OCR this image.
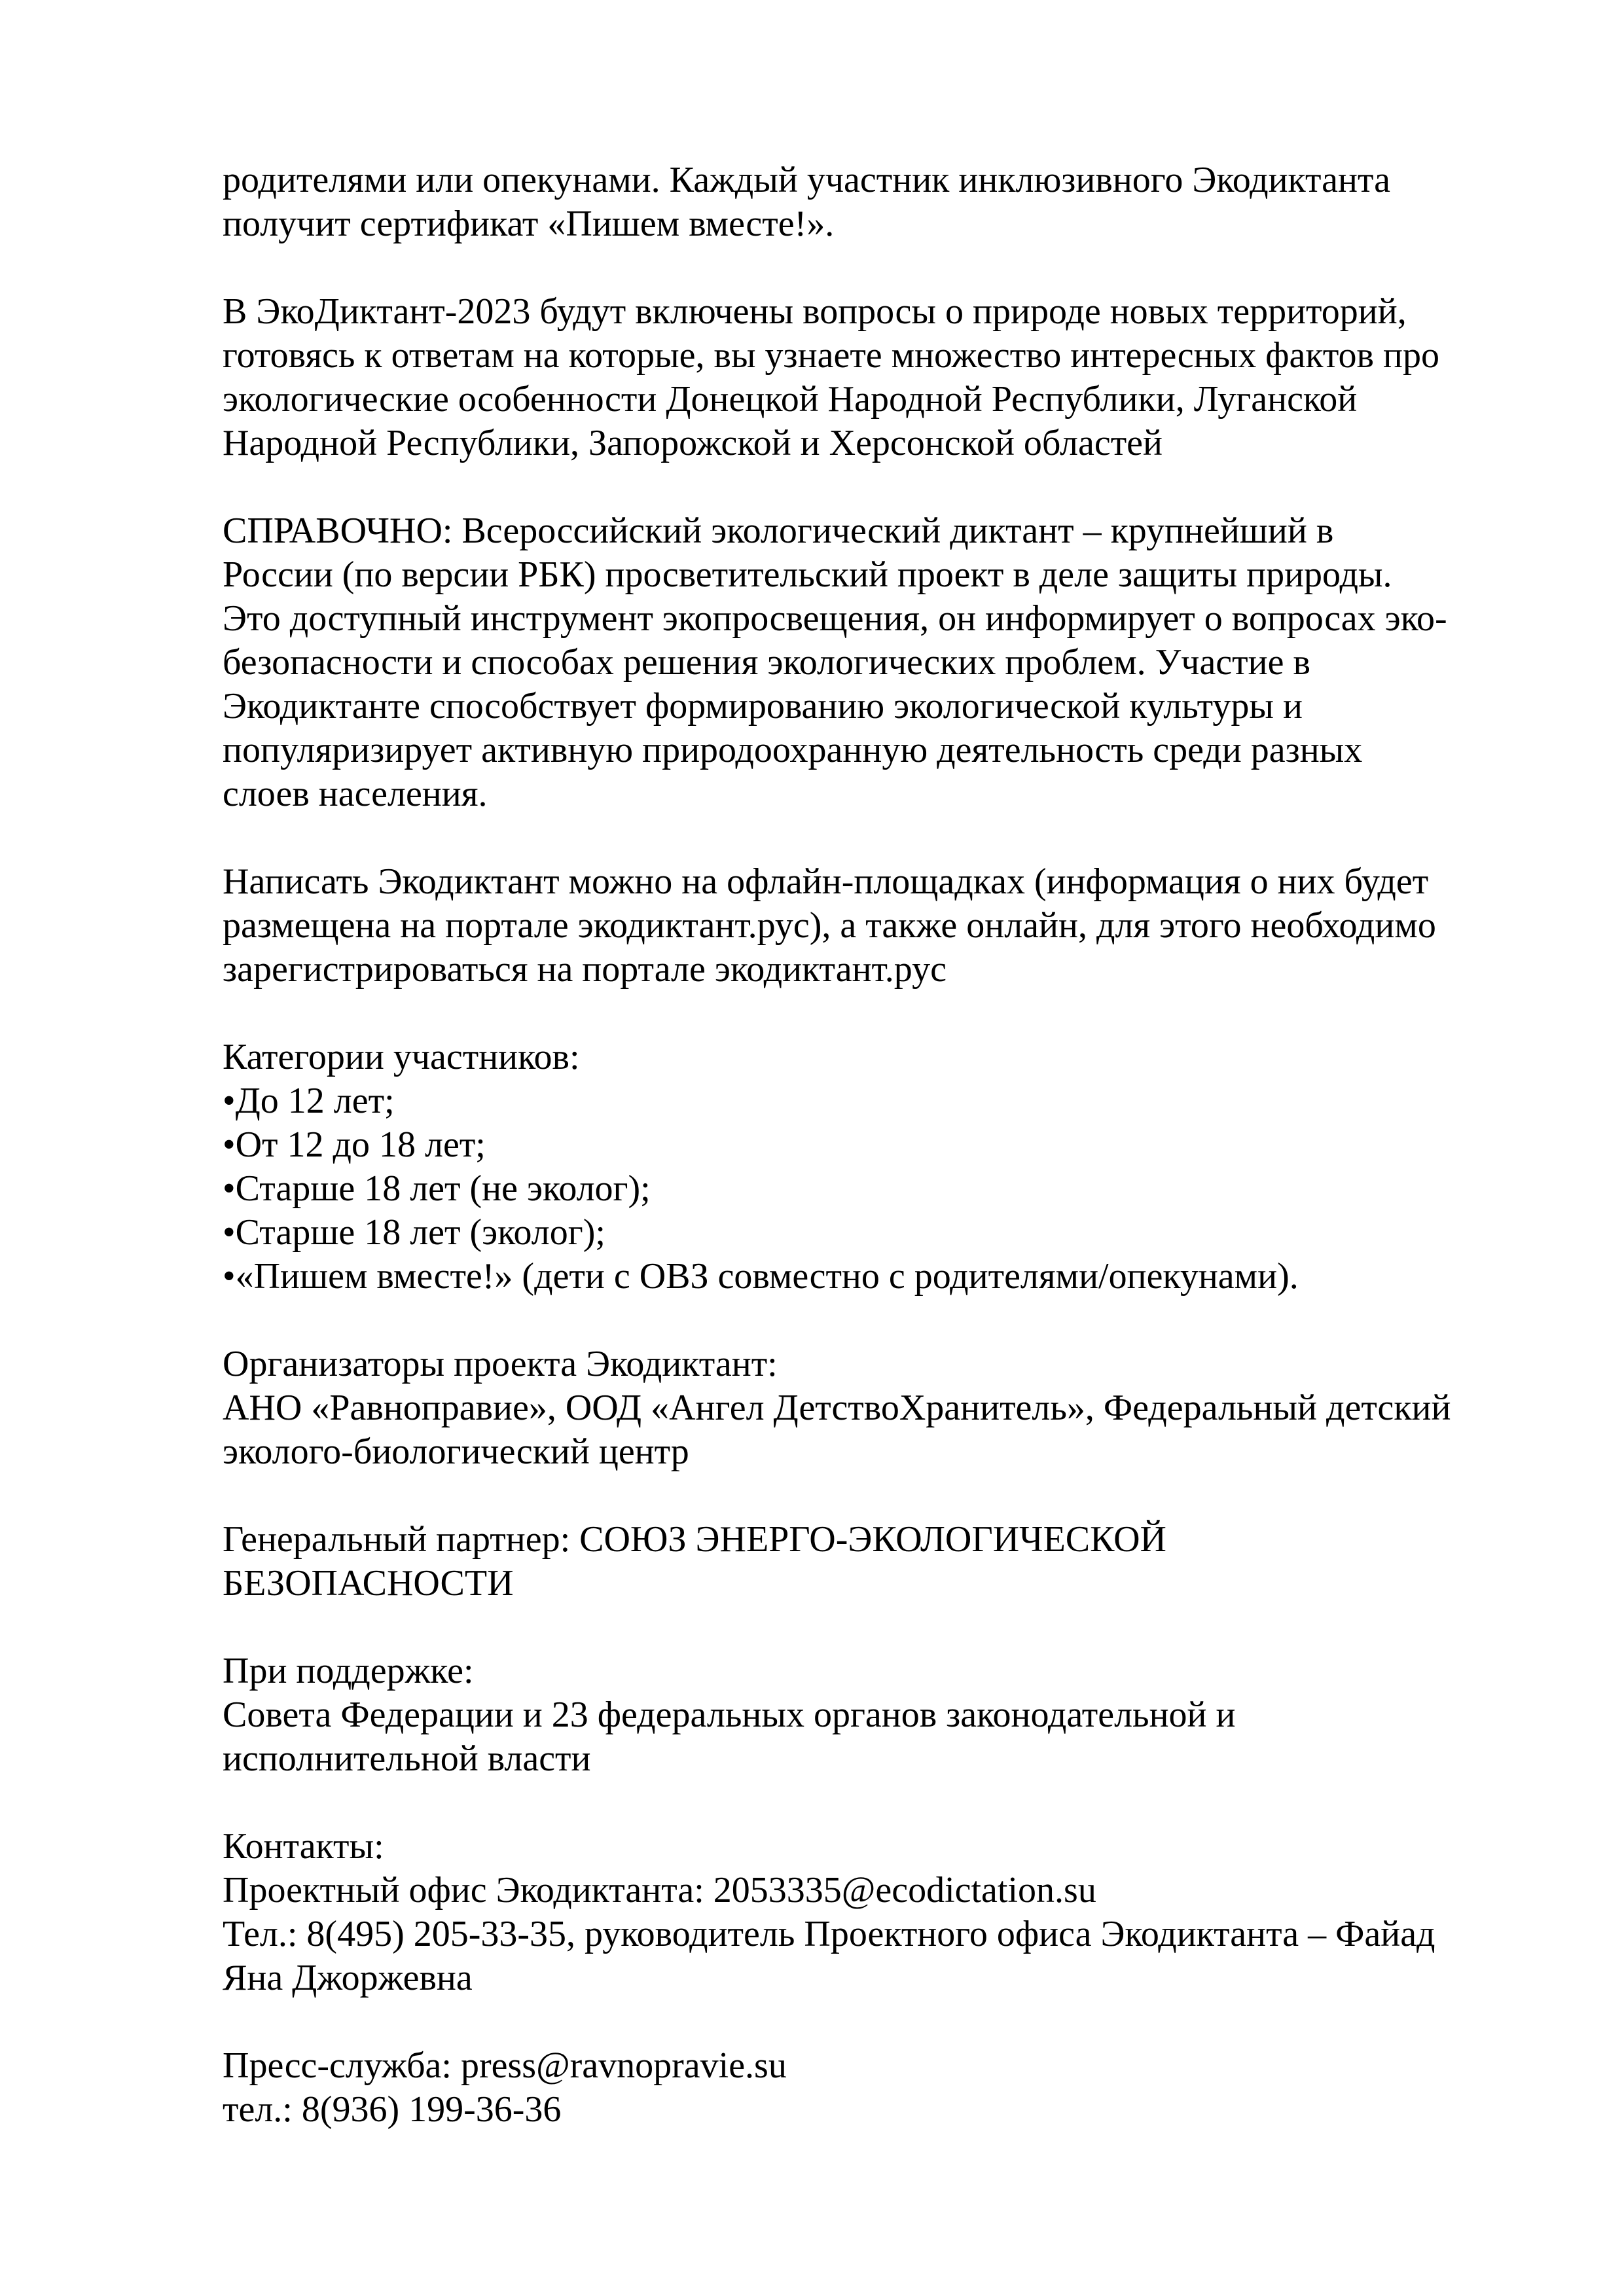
родителями или опекунами. Каждый участник инклюзивного Экодиктанта
получит сертификат «Пишем вместе!».
В ЭкоДиктант-2023 будут включены вопросы о природе новых территорий,
готовясь к ответам на которые, вы узнаете множество интересных фактов про
экологические особенности Донецкой Народной Республики, Луганской
Народной Республики, Запорожской и Херсонской областей
СПРАВОЧНО: Всероссийский экологический диктант – крупнейший в
России (по версии РБК) просветительский проект в деле защиты природы.
Это доступный инструмент экопросвещения, он информирует о вопросах эко-
безопасности и способах решения экологических проблем. Участие в
Экодиктанте способствует формированию экологической культуры и
популяризирует активную природоохранную деятельность среди разных
слоев населения.
Написать Экодиктант можно на офлайн-площадках (информация о них будет
размещена на портале экодиктант.рус), а также онлайн, для этого необходимо
зарегистрироваться на портале экодиктант.рус
Категории участников:
•До 12 лет;
•От 12 до 18 лет;
•Старше 18 лет (не эколог);
•Старше 18 лет (эколог);
•«Пишем вместе!» (дети с ОВЗ совместно с родителями/опекунами).
Организаторы проекта Экодиктант:
АНО «Равноправие», ООД «Ангел ДетствоХранитель», Федеральный детский
эколого-биологический центр
Генеральный партнер: СОЮЗ ЭНЕРГО-ЭКОЛОГИЧЕСКОЙ
БЕЗОПАСНОСТИ
При поддержке:
Совета Федерации и 23 федеральных органов законодательной и
исполнительной власти
Контакты:
Проектный офис Экодиктанта: 2053335@ecodictation.su
Тел.: 8(495) 205-33-35, руководитель Проектного офиса Экодиктанта – Файад
Яна Джоржевна
Пресс-служба: press@ravnopravie.su
тел.: 8(936) 199-36-36
